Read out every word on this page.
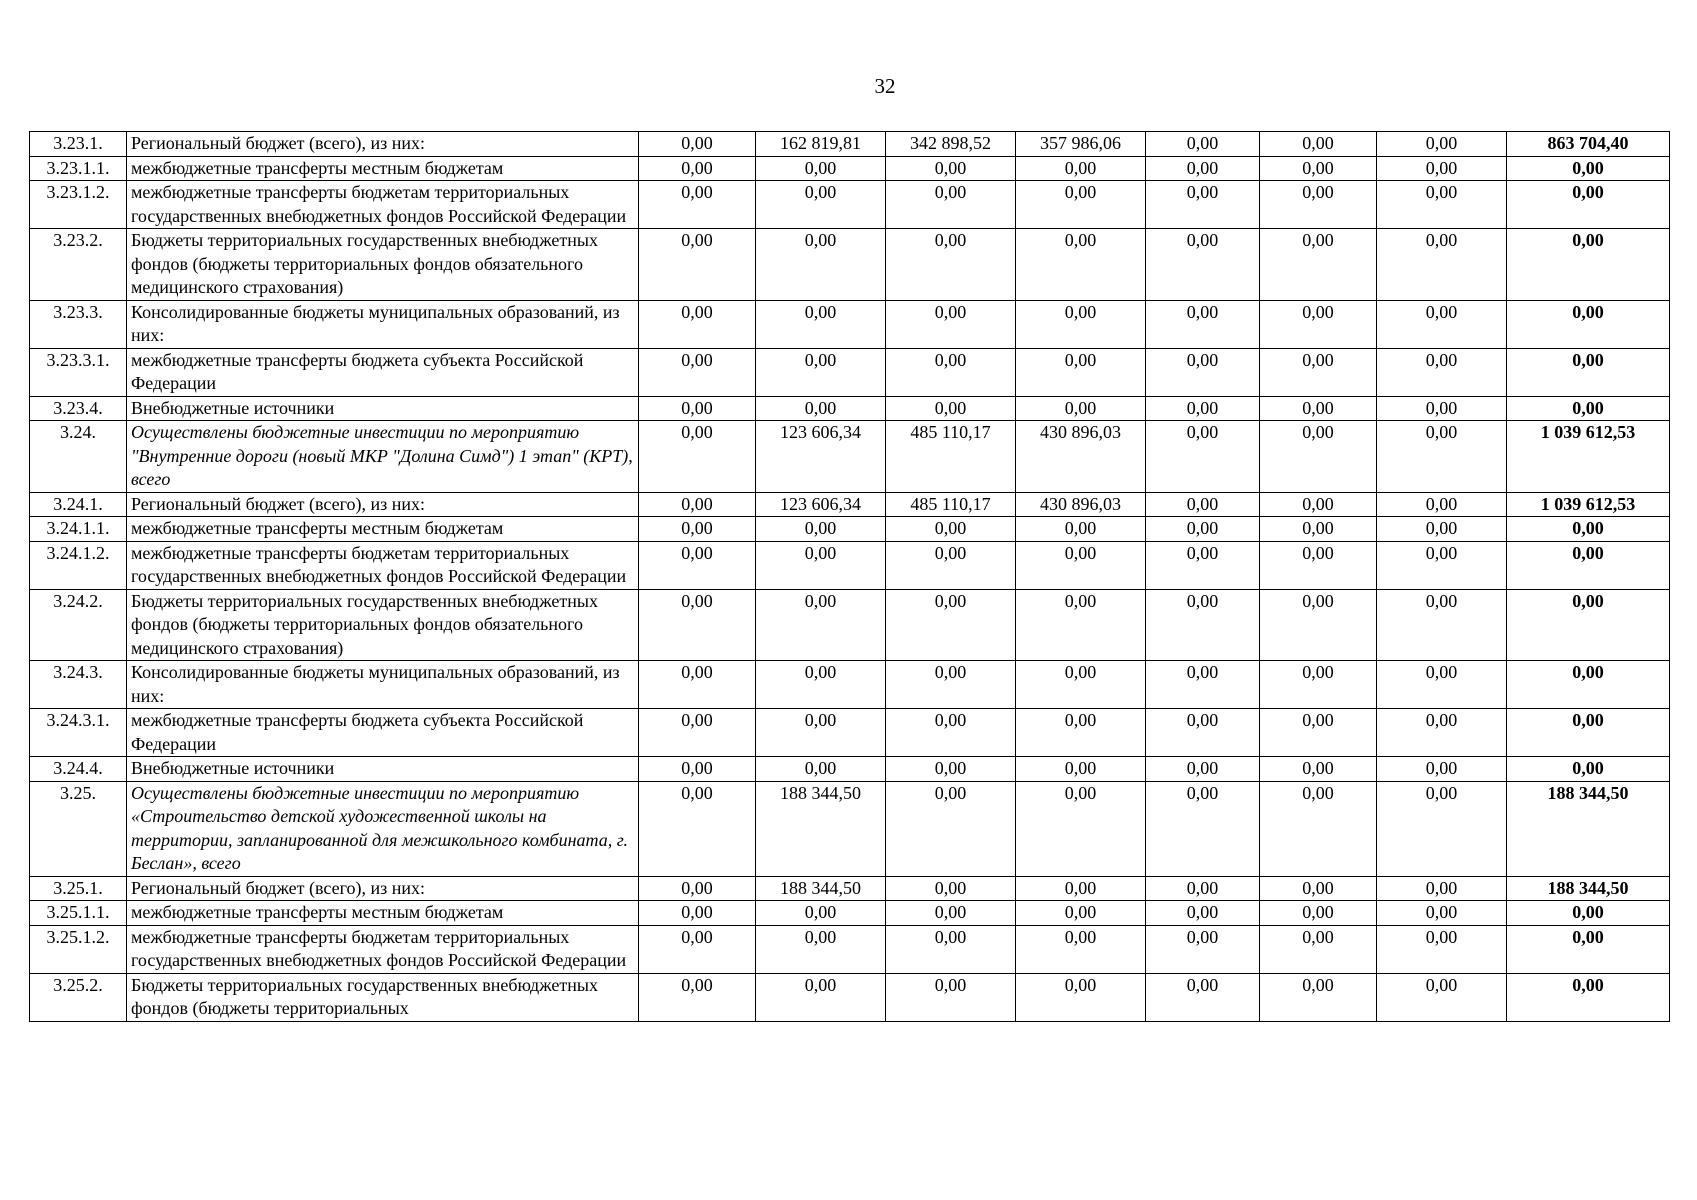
32
3.23.1.	Региональный бюджет (всего), из них:	0,00	162 819,81	342 898,52	357 986,06	0,00	0,00	0,00	863 704,40
3.23.1.1.	межбюджетные трансферты местным бюджетам	0,00	0,00	0,00	0,00	0,00	0,00	0,00	0,00
3.23.1.2.	межбюджетные трансферты бюджетам территориальных государственных внебюджетных фондов Российской Федерации	0,00	0,00	0,00	0,00	0,00	0,00	0,00	0,00
3.23.2.	Бюджеты территориальных государственных внебюджетных фондов (бюджеты территориальных фондов обязательного медицинского страхования)	0,00	0,00	0,00	0,00	0,00	0,00	0,00	0,00
3.23.3.	Консолидированные бюджеты муниципальных образований, из них:	0,00	0,00	0,00	0,00	0,00	0,00	0,00	0,00
3.23.3.1.	межбюджетные трансферты бюджета субъекта Российской Федерации	0,00	0,00	0,00	0,00	0,00	0,00	0,00	0,00
3.23.4.	Внебюджетные источники	0,00	0,00	0,00	0,00	0,00	0,00	0,00	0,00
3.24.	Осуществлены бюджетные инвестиции по мероприятию "Внутренние дороги (новый МКР "Долина Симд") 1 этап" (КРТ), всего	0,00	123 606,34	485 110,17	430 896,03	0,00	0,00	0,00	1 039 612,53
3.24.1.	Региональный бюджет (всего), из них:	0,00	123 606,34	485 110,17	430 896,03	0,00	0,00	0,00	1 039 612,53
3.24.1.1.	межбюджетные трансферты местным бюджетам	0,00	0,00	0,00	0,00	0,00	0,00	0,00	0,00
3.24.1.2.	межбюджетные трансферты бюджетам территориальных государственных внебюджетных фондов Российской Федерации	0,00	0,00	0,00	0,00	0,00	0,00	0,00	0,00
3.24.2.	Бюджеты территориальных государственных внебюджетных фондов (бюджеты территориальных фондов обязательного медицинского страхования)	0,00	0,00	0,00	0,00	0,00	0,00	0,00	0,00
3.24.3.	Консолидированные бюджеты муниципальных образований, из них:	0,00	0,00	0,00	0,00	0,00	0,00	0,00	0,00
3.24.3.1.	межбюджетные трансферты бюджета субъекта Российской Федерации	0,00	0,00	0,00	0,00	0,00	0,00	0,00	0,00
3.24.4.	Внебюджетные источники	0,00	0,00	0,00	0,00	0,00	0,00	0,00	0,00
3.25.	Осуществлены бюджетные инвестиции по мероприятию «Строительство детской художественной школы на территории, запланированной для межшкольного комбината, г. Беслан», всего	0,00	188 344,50	0,00	0,00	0,00	0,00	0,00	188 344,50
3.25.1.	Региональный бюджет (всего), из них:	0,00	188 344,50	0,00	0,00	0,00	0,00	0,00	188 344,50
3.25.1.1.	межбюджетные трансферты местным бюджетам	0,00	0,00	0,00	0,00	0,00	0,00	0,00	0,00
3.25.1.2.	межбюджетные трансферты бюджетам территориальных государственных внебюджетных фондов Российской Федерации	0,00	0,00	0,00	0,00	0,00	0,00	0,00	0,00
3.25.2.	Бюджеты территориальных государственных внебюджетных фондов (бюджеты территориальных	0,00	0,00	0,00	0,00	0,00	0,00	0,00	0,00
